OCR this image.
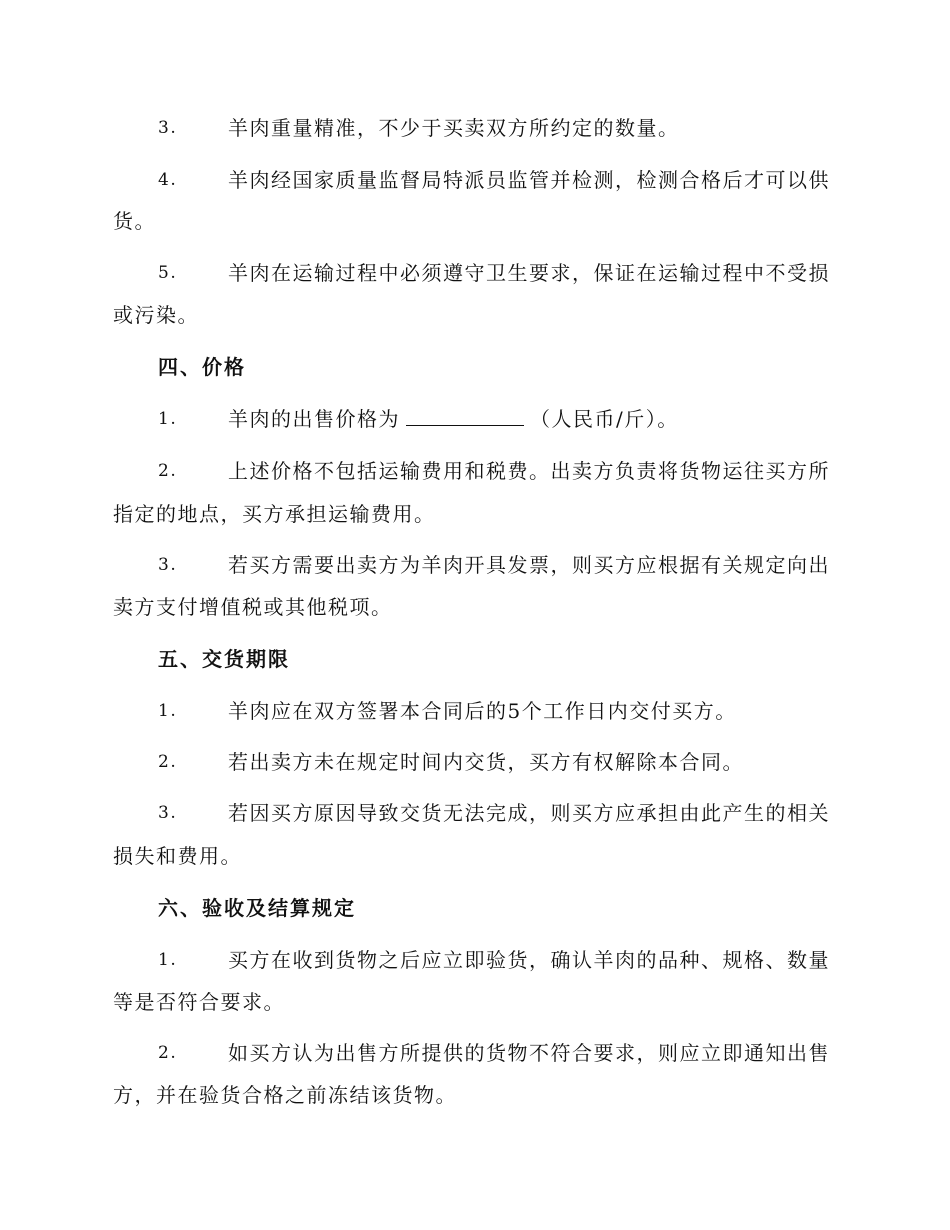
3.	羊肉重量精准，不少于买卖双方所约定的数量。
4.	羊肉经国家质量监督局特派员监管并检测，检测合格后才可以供
货。
5.	羊肉在运输过程中必须遵守卫生要求，保证在运输过程中不受损
或污染。
四、价格
1.	羊肉的出售价格为	（人民币/斤）。
2.	上述价格不包括运输费用和税费。出卖方负责将货物运往买方所
指定的地点，买方承担运输费用。
3.	若买方需要出卖方为羊肉开具发票，则买方应根据有关规定向出
卖方支付增值税或其他税项。
五、交货期限
1.	羊肉应在双方签署本合同后的5个工作日内交付买方。
2.	若出卖方未在规定时间内交货，买方有权解除本合同。
3.	若因买方原因导致交货无法完成，则买方应承担由此产生的相关
损失和费用。
六、验收及结算规定
1.	买方在收到货物之后应立即验货，确认羊肉的品种、规格、数量
等是否符合要求。
2.	如买方认为出售方所提供的货物不符合要求，则应立即通知出售
方，并在验货合格之前冻结该货物。
